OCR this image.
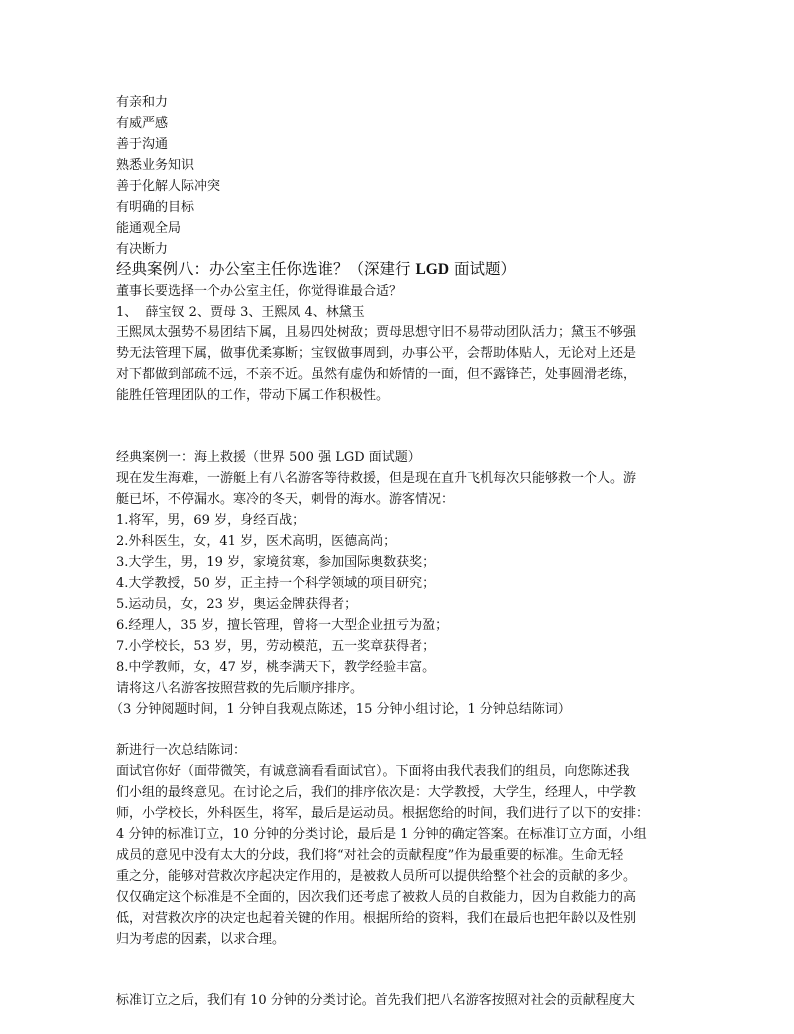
有亲和力
有威严感
善于沟通
熟悉业务知识
善于化解人际冲突
有明确的目标
能通观全局
有决断力
经典案例八：办公室主任你选谁？（深建行 LGD 面试题）
董事长要选择一个办公室主任，你觉得谁最合适？
1、  薛宝钗 2、贾母 3、王熙凤 4、林黛玉
王熙凤太强势不易团结下属，且易四处树敌；贾母思想守旧不易带动团队活力；黛玉不够强
势无法管理下属，做事优柔寡断；宝钗做事周到，办事公平，会帮助体贴人，无论对上还是
对下都做到部疏不远，不亲不近。虽然有虚伪和娇情的一面，但不露锋芒，处事圆滑老练，
能胜任管理团队的工作，带动下属工作积极性。
经典案例一：海上救援（世界 500 强 LGD 面试题）
现在发生海难，一游艇上有八名游客等待救援，但是现在直升飞机每次只能够救一个人。游
艇已坏，不停漏水。寒冷的冬天，刺骨的海水。游客情况：
1.将军，男，69 岁，身经百战；
2.外科医生，女，41 岁，医术高明，医德高尚；
3.大学生，男，19 岁，家境贫寒，参加国际奥数获奖；
4.大学教授，50 岁，正主持一个科学领域的项目研究；
5.运动员，女，23 岁，奥运金牌获得者；
6.经理人，35 岁，擅长管理，曾将一大型企业扭亏为盈；
7.小学校长，53 岁，男，劳动模范，五一奖章获得者；
8.中学教师，女，47 岁，桃李满天下，教学经验丰富。
请将这八名游客按照营救的先后顺序排序。
（3 分钟阅题时间，1 分钟自我观点陈述，15 分钟小组讨论，1 分钟总结陈词）
新进行一次总结陈词：
面试官你好（面带微笑，有诚意滴看看面试官）。下面将由我代表我们的组员，向您陈述我
们小组的最终意见。在讨论之后，我们的排序依次是：大学教授，大学生，经理人，中学教
师，小学校长，外科医生，将军，最后是运动员。根据您给的时间，我们进行了以下的安排：
4 分钟的标准订立，10 分钟的分类讨论，最后是 1 分钟的确定答案。在标准订立方面，小组
成员的意见中没有太大的分歧，我们将“对社会的贡献程度”作为最重要的标准。生命无轻
重之分，能够对营救次序起决定作用的，是被救人员所可以提供给整个社会的贡献的多少。
仅仅确定这个标准是不全面的，因次我们还考虑了被救人员的自救能力，因为自救能力的高
低，对营救次序的决定也起着关键的作用。根据所给的资料，我们在最后也把年龄以及性别
归为考虑的因素，以求合理。
标准订立之后，我们有 10 分钟的分类讨论。首先我们把八名游客按照对社会的贡献程度大
